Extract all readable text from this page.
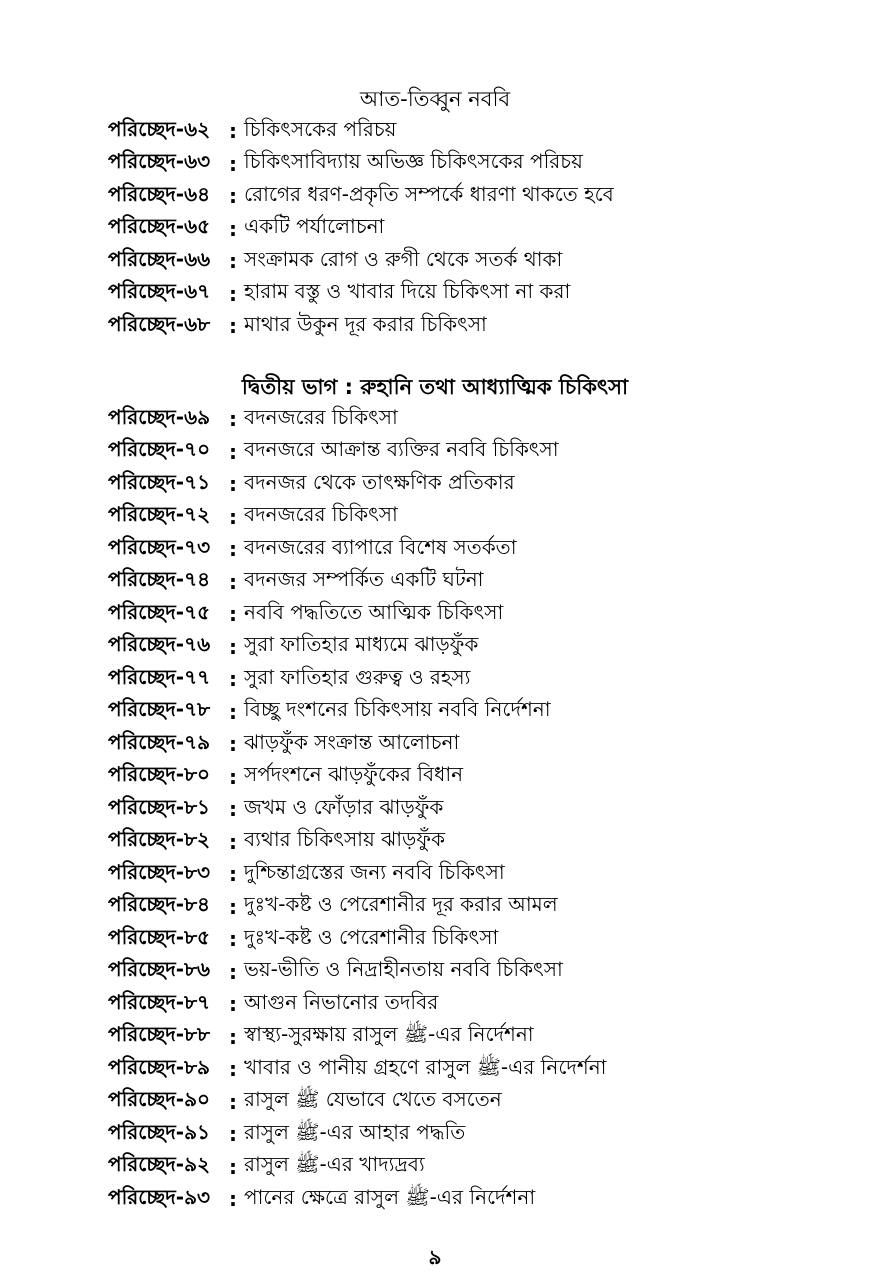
আত-তিব্বুন নববি
পরিচ্ছেদ-৬২ : চিকিৎসকের পরিচয়
পরিচ্ছেদ-৬৩ : চিকিৎসাবিদ্যায় অভিজ্ঞ চিকিৎসকের পরিচয়
পরিচ্ছেদ-৬৪ : রোগের ধরণ-প্রকৃতি সম্পর্কে ধারণা থাকতে হবে
পরিচ্ছেদ-৬৫ : একটি পর্যালোচনা
পরিচ্ছেদ-৬৬ : সংক্রামক রোগ ও রুগী থেকে সতর্ক থাকা
পরিচ্ছেদ-৬৭ : হারাম বস্তু ও খাবার দিয়ে চিকিৎসা না করা
পরিচ্ছেদ-৬৮ : মাথার উকুন দূর করার চিকিৎসা
দ্বিতীয় ভাগ : রুহানি তথা আধ্যাত্মিক চিকিৎসা
পরিচ্ছেদ-৬৯ : বদনজরের চিকিৎসা
পরিচ্ছেদ-৭০ : বদনজরে আক্রান্ত ব্যক্তির নববি চিকিৎসা
পরিচ্ছেদ-৭১ : বদনজর থেকে তাৎক্ষণিক প্রতিকার
পরিচ্ছেদ-৭২ : বদনজরের চিকিৎসা
পরিচ্ছেদ-৭৩ : বদনজরের ব্যাপারে বিশেষ সতর্কতা
পরিচ্ছেদ-৭৪ : বদনজর সম্পর্কিত একটি ঘটনা
পরিচ্ছেদ-৭৫ : নববি পদ্ধতিতে আত্মিক চিকিৎসা
পরিচ্ছেদ-৭৬ : সুরা ফাতিহার মাধ্যমে ঝাড়ফুঁক
পরিচ্ছেদ-৭৭ : সুরা ফাতিহার গুরুত্ব ও রহস্য
পরিচ্ছেদ-৭৮ : বিচ্ছু দংশনের চিকিৎসায় নববি নির্দেশনা
পরিচ্ছেদ-৭৯ : ঝাড়ফুঁক সংক্রান্ত আলোচনা
পরিচ্ছেদ-৮০ : সর্পদংশনে ঝাড়ফুঁকের বিধান
পরিচ্ছেদ-৮১ : জখম ও ফোঁড়ার ঝাড়ফুঁক
পরিচ্ছেদ-৮২ : ব্যথার চিকিৎসায় ঝাড়ফুঁক
পরিচ্ছেদ-৮৩ : দুশ্চিন্তাগ্রস্তের জন্য নববি চিকিৎসা
পরিচ্ছেদ-৮৪ : দুঃখ-কষ্ট ও পেরেশানীর দূর করার আমল
পরিচ্ছেদ-৮৫ : দুঃখ-কষ্ট ও পেরেশানীর চিকিৎসা
পরিচ্ছেদ-৮৬ : ভয়-ভীতি ও নিদ্রাহীনতায় নববি চিকিৎসা
পরিচ্ছেদ-৮৭ : আগুন নিভানোর তদবির
পরিচ্ছেদ-৮৮ : স্বাস্থ্য-সুরক্ষায় রাসুল ﷺ-এর নির্দেশনা
পরিচ্ছেদ-৮৯ : খাবার ও পানীয় গ্রহণে রাসুল ﷺ-এর নিদের্শনা
পরিচ্ছেদ-৯০ : রাসুল ﷺ যেভাবে খেতে বসতেন
পরিচ্ছেদ-৯১ : রাসুল ﷺ-এর আহার পদ্ধতি
পরিচ্ছেদ-৯২ : রাসুল ﷺ-এর খাদ্যদ্রব্য
পরিচ্ছেদ-৯৩ : পানের ক্ষেত্রে রাসুল ﷺ-এর নির্দেশনা
৯
